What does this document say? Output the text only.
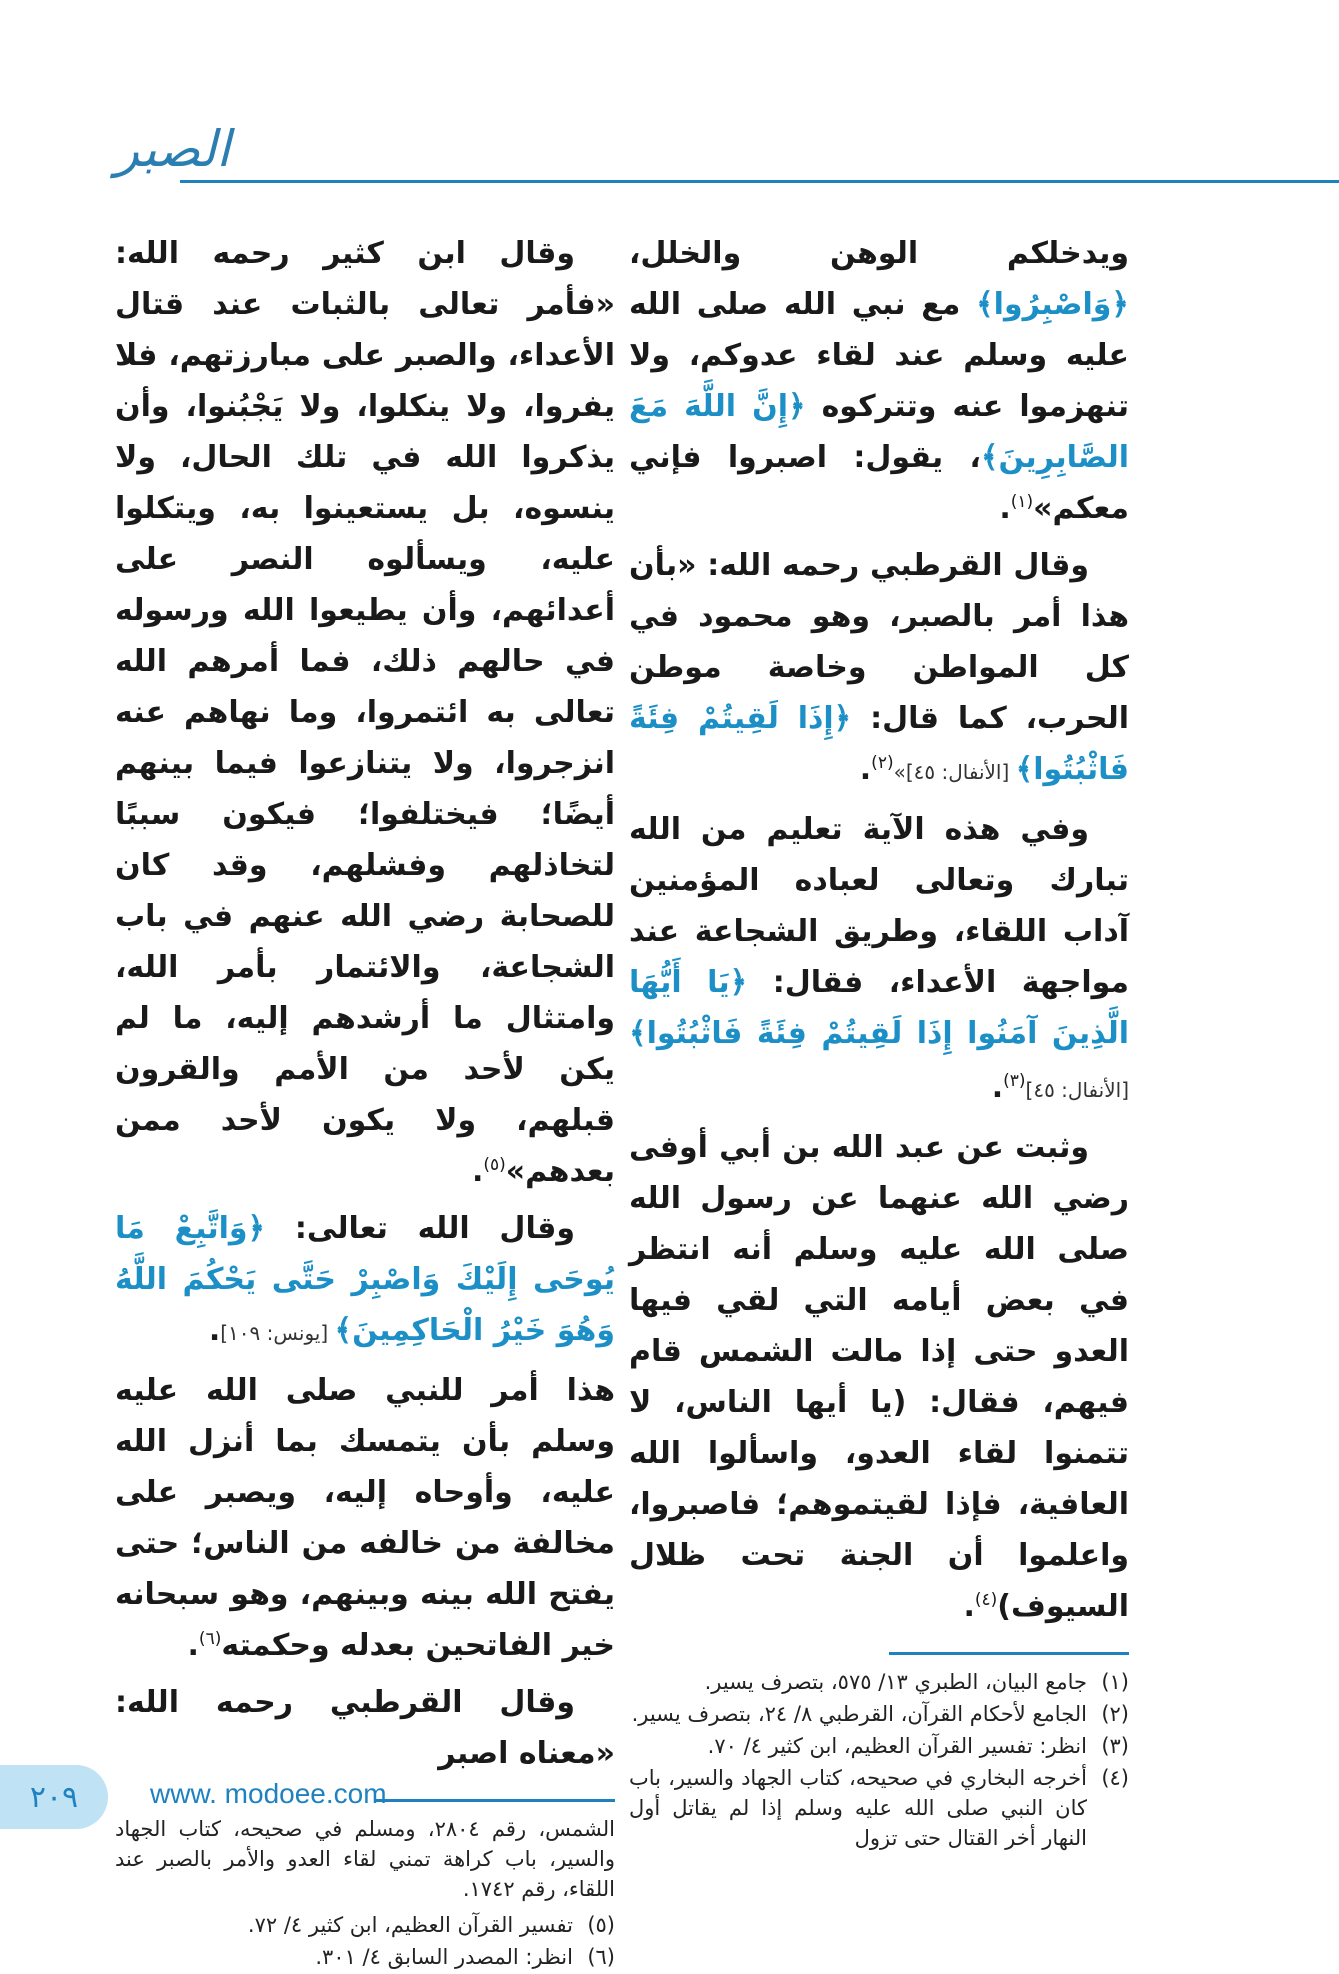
الصبر

ويدخلكم الوهن والخلل، ﴿وَاصْبِرُوا﴾ مع نبي الله صلى الله عليه وسلم عند لقاء عدوكم، ولا تنهزموا عنه وتتركوه ﴿إِنَّ اللَّهَ مَعَ الصَّابِرِينَ﴾، يقول: اصبروا فإني معكم»$^{(١)}$.

وقال القرطبي رحمه الله: «بأن هذا أمر بالصبر، وهو محمود في كل المواطن وخاصة موطن الحرب، كما قال: ﴿إِذَا لَقِيتُمْ فِئَةً فَاثْبُتُوا﴾ [الأنفال: ٤٥]»$^{(٢)}$.

وفي هذه الآية تعليم من الله تبارك وتعالى لعباده المؤمنين آداب اللقاء، وطريق الشجاعة عند مواجهة الأعداء، فقال: ﴿يَا أَيُّهَا الَّذِينَ آمَنُوا إِذَا لَقِيتُمْ فِئَةً فَاثْبُتُوا﴾ [الأنفال: ٤٥]$^{(٣)}$.

وثبت عن عبد الله بن أبي أوفى رضي الله عنهما عن رسول الله صلى الله عليه وسلم أنه انتظر في بعض أيامه التي لقي فيها العدو حتى إذا مالت الشمس قام فيهم، فقال: (يا أيها الناس، لا تتمنوا لقاء العدو، واسألوا الله العافية، فإذا لقيتموهم؛ فاصبروا، واعلموا أن الجنة تحت ظلال السيوف)$^{(٤)}$.

(١)
جامع البيان، الطبري ١٣/ ٥٧٥، بتصرف يسير.
(٢)
الجامع لأحكام القرآن، القرطبي ٨/ ٢٤، بتصرف يسير.
(٣)
انظر: تفسير القرآن العظيم، ابن كثير ٤/ ٧٠.
(٤)
أخرجه البخاري في صحيحه، كتاب الجهاد والسير، باب كان النبي صلى الله عليه وسلم إذا لم يقاتل أول النهار أخر القتال حتى تزول

وقال ابن كثير رحمه الله: «فأمر تعالى بالثبات عند قتال الأعداء، والصبر على مبارزتهم، فلا يفروا، ولا ينكلوا، ولا يَجْبُنوا، وأن يذكروا الله في تلك الحال، ولا ينسوه، بل يستعينوا به، ويتكلوا عليه، ويسألوه النصر على أعدائهم، وأن يطيعوا الله ورسوله في حالهم ذلك، فما أمرهم الله تعالى به ائتمروا، وما نهاهم عنه انزجروا، ولا يتنازعوا فيما بينهم أيضًا؛ فيختلفوا؛ فيكون سببًا لتخاذلهم وفشلهم، وقد كان للصحابة رضي الله عنهم في باب الشجاعة، والائتمار بأمر الله، وامتثال ما أرشدهم إليه، ما لم يكن لأحد من الأمم والقرون قبلهم، ولا يكون لأحد ممن بعدهم»$^{(٥)}$.

وقال الله تعالى: ﴿وَاتَّبِعْ مَا يُوحَى إِلَيْكَ وَاصْبِرْ حَتَّى يَحْكُمَ اللَّهُ وَهُوَ خَيْرُ الْحَاكِمِينَ﴾ [يونس: ١٠٩].

هذا أمر للنبي صلى الله عليه وسلم بأن يتمسك بما أنزل الله عليه، وأوحاه إليه، ويصبر على مخالفة من خالفه من الناس؛ حتى يفتح الله بينه وبينهم، وهو سبحانه خير الفاتحين بعدله وحكمته$^{(٦)}$.

وقال القرطبي رحمه الله: «معناه اصبر

الشمس، رقم ٢٨٠٤، ومسلم في صحيحه، كتاب الجهاد والسير، باب كراهة تمني لقاء العدو والأمر بالصبر عند اللقاء، رقم ١٧٤٢.

(٥)
تفسير القرآن العظيم، ابن كثير ٤/ ٧٢.
(٦)
انظر: المصدر السابق ٤/ ٣٠١.
٢٠٩	www. modoee.com
